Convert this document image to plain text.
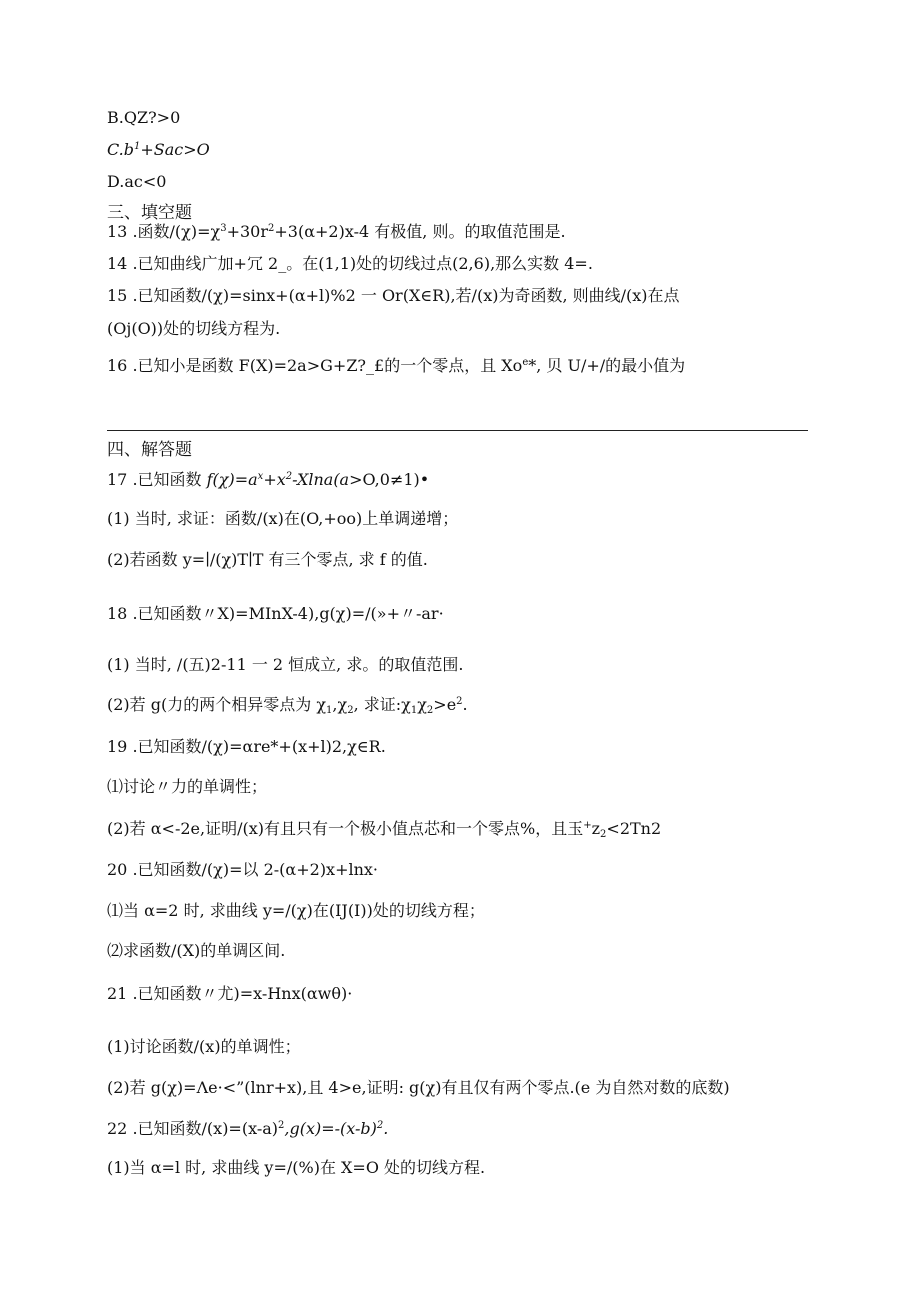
B.QZ?>0
$C.b^1+Sac>O$
D.ac<0
三、填空题
13 .函数$/(\chi)=\chi^3+30r^2+3(\alpha+2)x-4$ 有极值, 则。的取值范围是.
14 .已知曲线广加+冗 2_。在(1,1)处的切线过点(2,6),那么实数 4=.
15 .已知函数/(χ)=sinx+(α+l)%2 一 Or(X∈R),若/(x)为奇函数, 则曲线/(x)在点
(Oj(O))处的切线方程为.
16 .已知小是函数 F(X)=2a>G+Z?_£的一个零点，且 Xo$^e$*, 贝 U/+/的最小值为
四、解答题
17 .已知函数 $f(\chi)=a^x+x^2-Xlna(a>O,0\ne 1)•$
(1) 当时, 求证：函数/(x)在(O,+oo)上单调递增；
(2)若函数 y=∣/(χ)T∣T 有三个零点, 求 f 的值.
18 .已知函数〃X)=MInX-4),g(χ)=/(»+〃-ar·
(1) 当时, /(五)2-11 一 2 恒成立, 求。的取值范围.
(2)若 g(力的两个相异零点为 $\chi_1,\chi_2$, 求证$:\chi_1\chi_2>e^2$.
19 .已知函数/(χ)=αre*+(x+l)2,χ∈R.
⑴讨论〃力的单调性；
(2)若 α<-2e,证明/(x)有且只有一个极小值点芯和一个零点%，且玉$^+z_2<2Tn2$
20 .已知函数/(χ)=以 2-(α+2)x+lnx·
⑴当 α=2 时, 求曲线 y=/(χ)在(IJ(I))处的切线方程；
⑵求函数/(X)的单调区间.
21 .已知函数〃尤)=x-Hnx(αwθ)·
(1)讨论函数/(x)的单调性；
(2)若 g(χ)=Λe·<”(lnr+x),且 4>e,证明: g(χ)有且仅有两个零点.(e 为自然对数的底数)
22 .已知函数$/(x)=(x-a)^2,g(x)=-(x-b)^2$.
(1)当 α=l 时, 求曲线 y=∕(%)在 X=O 处的切线方程.
